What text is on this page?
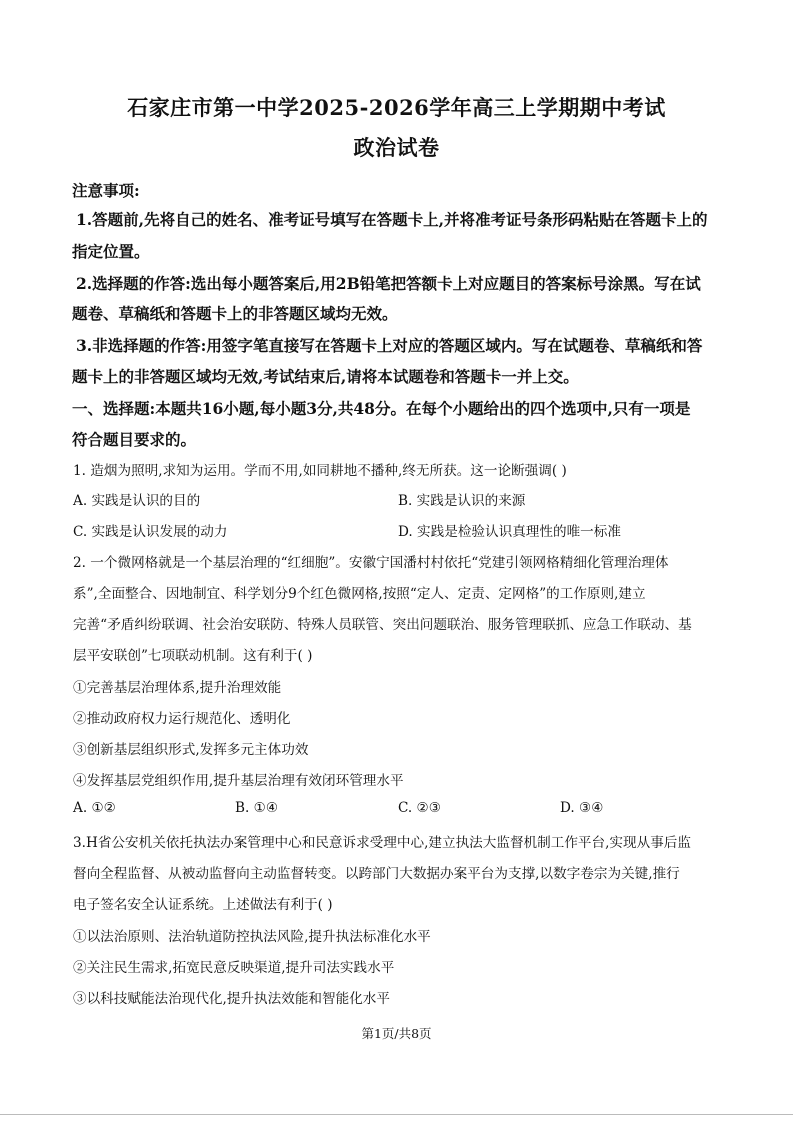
石家庄市第一中学2025-2026学年高三上学期期中考试
政治试卷
注意事项:
1.答题前,先将自己的姓名、准考证号填写在答题卡上,并将准考证号条形码粘贴在答题卡上的
指定位置。
2.选择题的作答:选出每小题答案后,用2B铅笔把答额卡上对应题目的答案标号涂黑。写在试
题卷、草稿纸和答题卡上的非答题区域均无效。
3.非选择题的作答:用签字笔直接写在答题卡上对应的答题区域内。写在试题卷、草稿纸和答
题卡上的非答题区域均无效,考试结束后,请将本试题卷和答题卡一并上交。
一、选择题:本题共16小题,每小题3分,共48分。在每个小题给出的四个选项中,只有一项是
符合题目要求的。
1. 造烟为照明,求知为运用。学而不用,如同耕地不播种,终无所获。这一论断强调( )
A. 实践是认识的目的	B. 实践是认识的来源
C. 实践是认识发展的动力	D. 实践是检验认识真理性的唯一标准
2. 一个微网格就是一个基层治理的“红细胞”。安徽宁国潘村村依托“党建引领网格精细化管理治理体
系”,全面整合、因地制宜、科学划分9个红色微网格,按照“定人、定责、定网格”的工作原则,建立
完善“矛盾纠纷联调、社会治安联防、特殊人员联管、突出问题联治、服务管理联抓、应急工作联动、基
层平安联创”七项联动机制。这有利于( )
①完善基层治理体系,提升治理效能
②推动政府权力运行规范化、透明化
③创新基层组织形式,发挥多元主体功效
④发挥基层党组织作用,提升基层治理有效闭环管理水平
A. ①②	B. ①④	C. ②③	D. ③④
3.H省公安机关依托执法办案管理中心和民意诉求受理中心,建立执法大监督机制工作平台,实现从事后监
督向全程监督、从被动监督向主动监督转变。以跨部门大数据办案平台为支撑,以数字卷宗为关键,推行
电子签名安全认证系统。上述做法有利于( )
①以法治原则、法治轨道防控执法风险,提升执法标准化水平
②关注民生需求,拓宽民意反映渠道,提升司法实践水平
③以科技赋能法治现代化,提升执法效能和智能化水平
第1页/共8页
